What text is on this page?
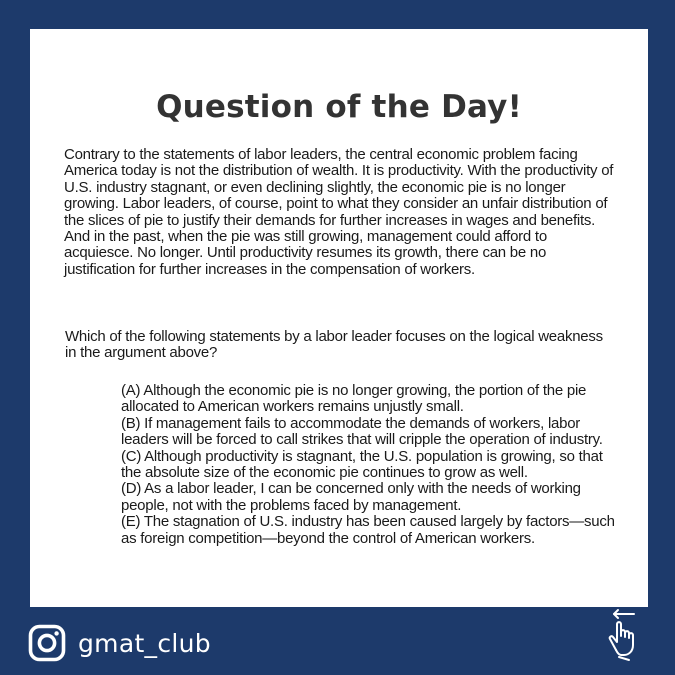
Question of the Day!

Contrary to the statements of labor leaders, the central economic problem facing America today is not the distribution of wealth. It is productivity. With the productivity of U.S. industry stagnant, or even declining slightly, the economic pie is no longer growing. Labor leaders, of course, point to what they consider an unfair distribution of the slices of pie to justify their demands for further increases in wages and benefits. And in the past, when the pie was still growing, management could afford to acquiesce. No longer. Until productivity resumes its growth, there can be no justification for further increases in the compensation of workers.

Which of the following statements by a labor leader focuses on the logical weakness in the argument above?

(A) Although the economic pie is no longer growing, the portion of the pie allocated to American workers remains unjustly small.
(B) If management fails to accommodate the demands of workers, labor leaders will be forced to call strikes that will cripple the operation of industry.
(C) Although productivity is stagnant, the U.S. population is growing, so that the absolute size of the economic pie continues to grow as well.
(D) As a labor leader, I can be concerned only with the needs of working people, not with the problems faced by management.
(E) The stagnation of U.S. industry has been caused largely by factors—such as foreign competition—beyond the control of American workers.
gmat_club
